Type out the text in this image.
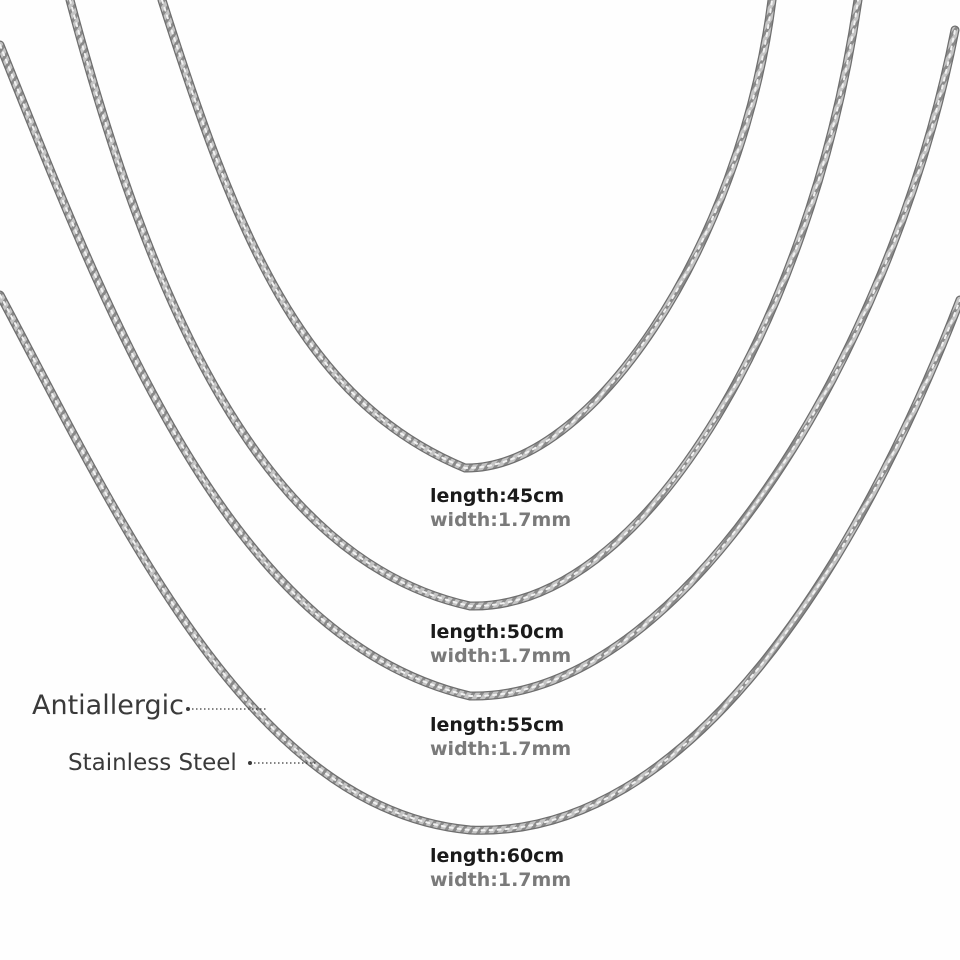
length:45cm
width:1.7mm
length:50cm
width:1.7mm
length:55cm
width:1.7mm
length:60cm
width:1.7mm
Antiallergic
Stainless Steel
